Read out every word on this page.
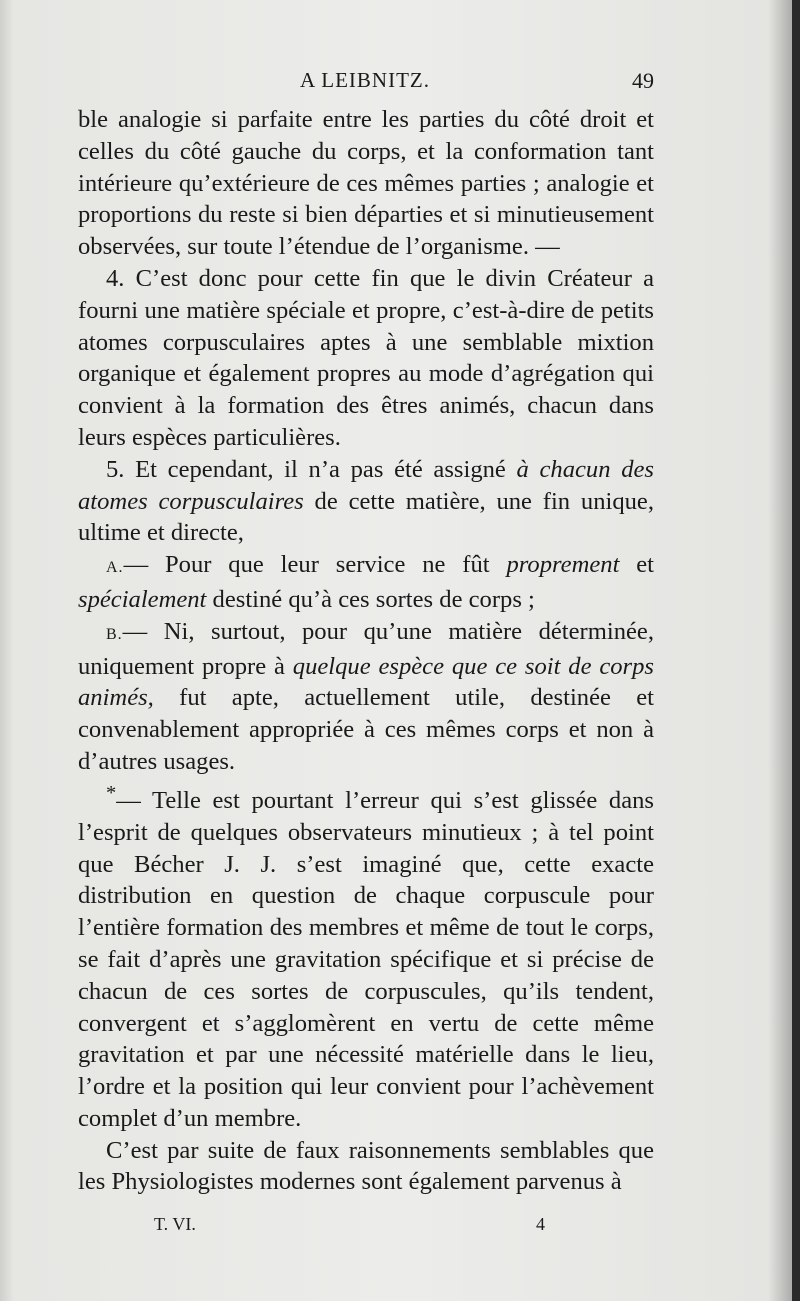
A LEIBNITZ.	49

ble analogie si parfaite entre les parties du côté droit et celles du côté gauche du corps, et la conformation tant intérieure qu’extérieure de ces mêmes parties ; analogie et proportions du reste si bien départies et si minutieusement observées, sur toute l’étendue de l’organisme. —

4. C’est donc pour cette fin que le divin Créateur a fourni une matière spéciale et propre, c’est-à-dire de petits atomes corpusculaires aptes à une semblable mixtion organique et également propres au mode d’agrégation qui convient à la formation des êtres animés, chacun dans leurs espèces particulières.

5. Et cependant, il n’a pas été assigné à chacun des atomes corpusculaires de cette matière, une fin unique, ultime et directe,

A.— Pour que leur service ne fût proprement et spécialement destiné qu’à ces sortes de corps ;

B.— Ni, surtout, pour qu’une matière déterminée, uniquement propre à quelque espèce que ce soit de corps animés, fut apte, actuellement utile, destinée et convenablement appropriée à ces mêmes corps et non à d’autres usages.

*— Telle est pourtant l’erreur qui s’est glissée dans l’esprit de quelques observateurs minutieux ; à tel point que Bécher J. J. s’est imaginé que, cette exacte distribution en question de chaque corpuscule pour l’entière formation des membres et même de tout le corps, se fait d’après une gravitation spécifique et si précise de chacun de ces sortes de corpuscules, qu’ils tendent, convergent et s’agglomèrent en vertu de cette même gravitation et par une nécessité matérielle dans le lieu, l’ordre et la position qui leur convient pour l’achèvement complet d’un membre.

C’est par suite de faux raisonnements semblables que les Physiologistes modernes sont également parvenus à

T. VI.	4
